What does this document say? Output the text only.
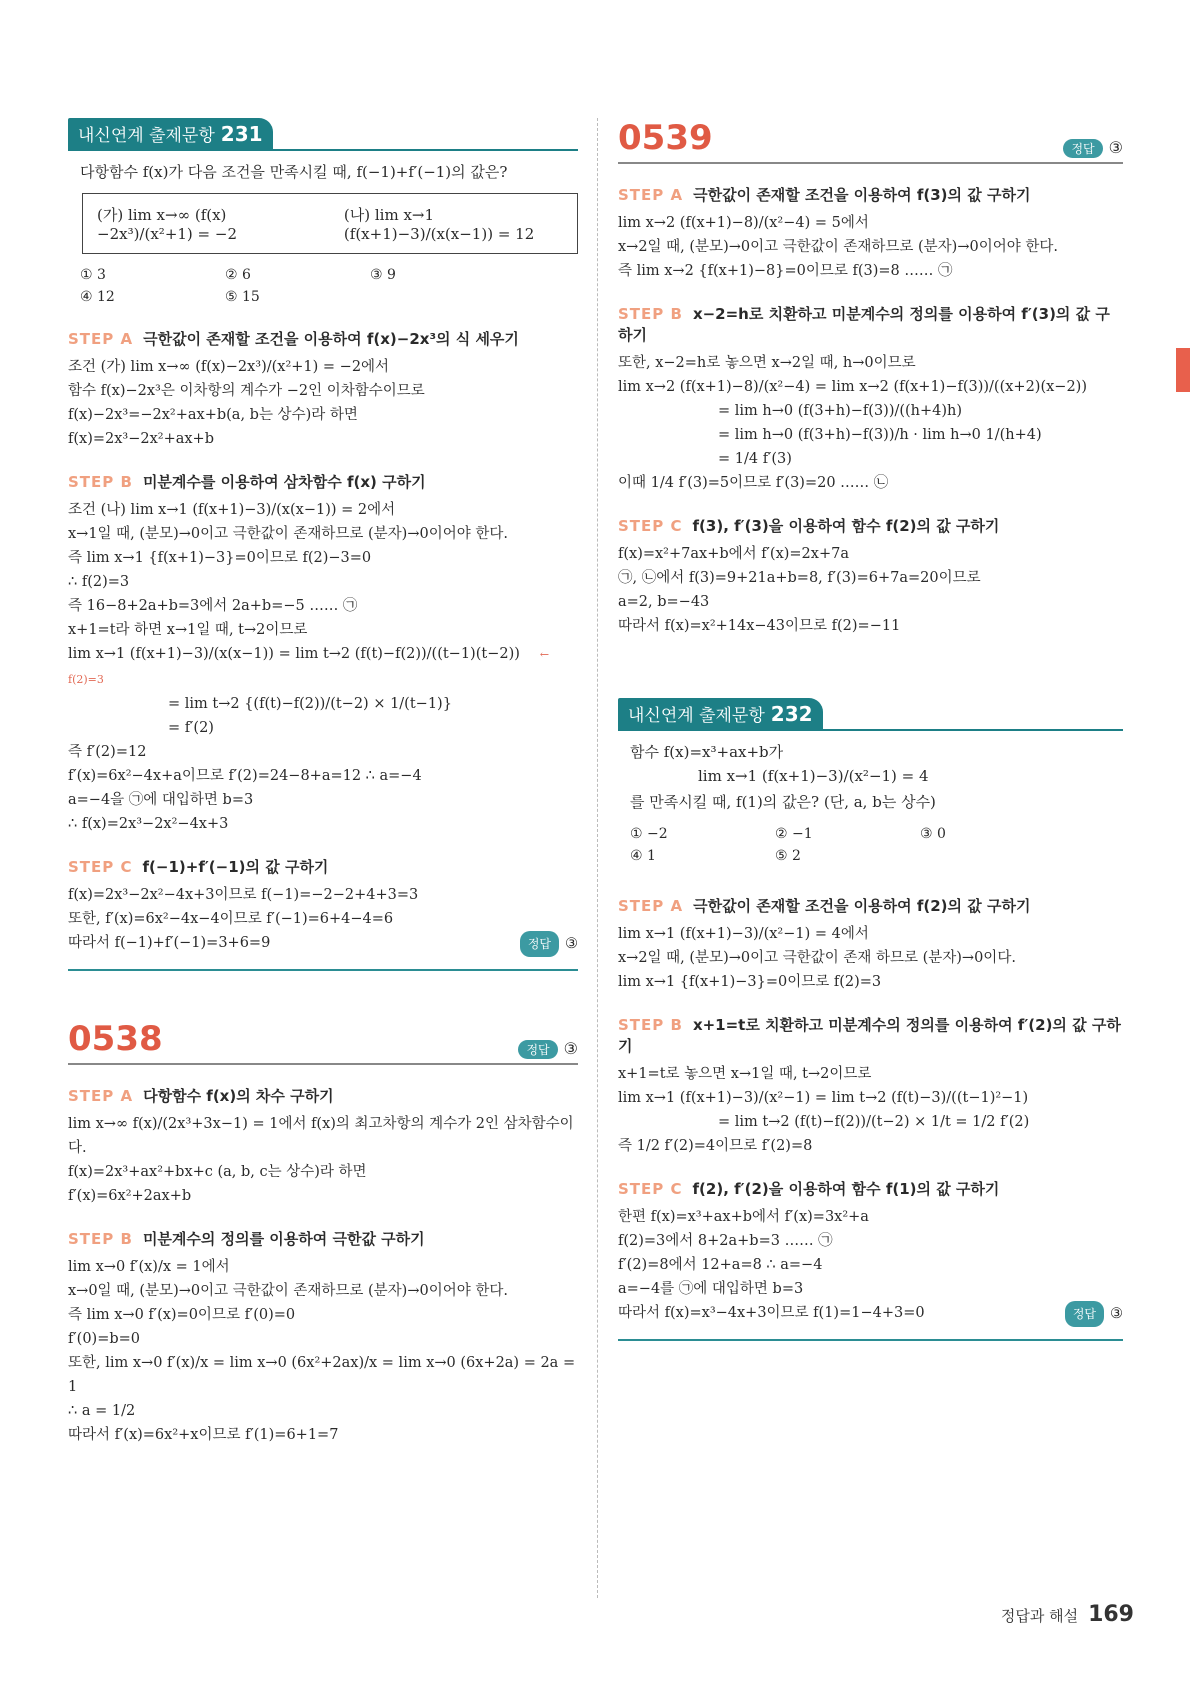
내신연계 출제문항 231
다항함수 f(x)가 다음 조건을 만족시킬 때, f(−1)+f′(−1)의 값은?
(가) lim x→∞ (f(x)−2x³)/(x²+1) = −2
(나) lim x→1 (f(x+1)−3)/(x(x−1)) = 12
① 3	② 6	③ 9
④ 12	⑤ 15
STEP A 극한값이 존재할 조건을 이용하여 f(x)−2x³의 식 세우기
조건 (가) lim x→∞ (f(x)−2x³)/(x²+1) = −2에서
함수 f(x)−2x³은 이차항의 계수가 −2인 이차함수이므로
f(x)−2x³=−2x²+ax+b(a, b는 상수)라 하면
f(x)=2x³−2x²+ax+b
STEP B 미분계수를 이용하여 삼차함수 f(x) 구하기
조건 (나) lim x→1 (f(x+1)−3)/(x(x−1)) = 2에서
x→1일 때, (분모)→0이고 극한값이 존재하므로 (분자)→0이어야 한다.
즉 lim x→1 {f(x+1)−3}=0이므로 f(2)−3=0
∴ f(2)=3
즉 16−8+2a+b=3에서 2a+b=−5 …… ㉠
x+1=t라 하면 x→1일 때, t→2이므로
lim x→1 (f(x+1)−3)/(x(x−1)) = lim t→2 (f(t)−f(2))/((t−1)(t−2)) ← f(2)=3
= lim t→2 {(f(t)−f(2))/(t−2) × 1/(t−1)}
= f′(2)
즉 f′(2)=12
f′(x)=6x²−4x+a이므로 f′(2)=24−8+a=12 ∴ a=−4
a=−4을 ㉠에 대입하면 b=3
∴ f(x)=2x³−2x²−4x+3
STEP C f(−1)+f′(−1)의 값 구하기
f(x)=2x³−2x²−4x+3이므로 f(−1)=−2−2+4+3=3
또한, f′(x)=6x²−4x−4이므로 f′(−1)=6+4−4=6
따라서 f(−1)+f′(−1)=3+6=9	정답 ③
0538	정답 ③
STEP A 다항함수 f(x)의 차수 구하기
lim x→∞ f(x)/(2x³+3x−1) = 1에서 f(x)의 최고차항의 계수가 2인 삼차함수이다.
f(x)=2x³+ax²+bx+c (a, b, c는 상수)라 하면
f′(x)=6x²+2ax+b
STEP B 미분계수의 정의를 이용하여 극한값 구하기
lim x→0 f′(x)/x = 1에서
x→0일 때, (분모)→0이고 극한값이 존재하므로 (분자)→0이어야 한다.
즉 lim x→0 f′(x)=0이므로 f′(0)=0
f′(0)=b=0
또한, lim x→0 f′(x)/x = lim x→0 (6x²+2ax)/x = lim x→0 (6x+2a) = 2a = 1
∴ a = 1/2
따라서 f′(x)=6x²+x이므로 f′(1)=6+1=7
0539	정답 ③
STEP A 극한값이 존재할 조건을 이용하여 f(3)의 값 구하기
lim x→2 (f(x+1)−8)/(x²−4) = 5에서
x→2일 때, (분모)→0이고 극한값이 존재하므로 (분자)→0이어야 한다.
즉 lim x→2 {f(x+1)−8}=0이므로 f(3)=8 …… ㉠
STEP B x−2=h로 치환하고 미분계수의 정의를 이용하여 f′(3)의 값 구하기
또한, x−2=h로 놓으면 x→2일 때, h→0이므로
lim x→2 (f(x+1)−8)/(x²−4) = lim x→2 (f(x+1)−f(3))/((x+2)(x−2))
= lim h→0 (f(3+h)−f(3))/((h+4)h)
= lim h→0 (f(3+h)−f(3))/h · lim h→0 1/(h+4)
= 1/4 f′(3)
이때 1/4 f′(3)=5이므로 f′(3)=20 …… ㉡
STEP C f(3), f′(3)을 이용하여 함수 f(2)의 값 구하기
f(x)=x²+7ax+b에서 f′(x)=2x+7a
㉠, ㉡에서 f(3)=9+21a+b=8, f′(3)=6+7a=20이므로
a=2, b=−43
따라서 f(x)=x²+14x−43이므로 f(2)=−11
내신연계 출제문항 232
함수 f(x)=x³+ax+b가
lim x→1 (f(x+1)−3)/(x²−1) = 4
를 만족시킬 때, f(1)의 값은? (단, a, b는 상수)
① −2	② −1	③ 0
④ 1	⑤ 2
STEP A 극한값이 존재할 조건을 이용하여 f(2)의 값 구하기
lim x→1 (f(x+1)−3)/(x²−1) = 4에서
x→2일 때, (분모)→0이고 극한값이 존재 하므로 (분자)→0이다.
lim x→1 {f(x+1)−3}=0이므로 f(2)=3
STEP B x+1=t로 치환하고 미분계수의 정의를 이용하여 f′(2)의 값 구하기
x+1=t로 놓으면 x→1일 때, t→2이므로
lim x→1 (f(x+1)−3)/(x²−1) = lim t→2 (f(t)−3)/((t−1)²−1)
= lim t→2 (f(t)−f(2))/(t−2) × 1/t = 1/2 f′(2)
즉 1/2 f′(2)=4이므로 f′(2)=8
STEP C f(2), f′(2)을 이용하여 함수 f(1)의 값 구하기
한편 f(x)=x³+ax+b에서 f′(x)=3x²+a
f(2)=3에서 8+2a+b=3 …… ㉠
f′(2)=8에서 12+a=8 ∴ a=−4
a=−4를 ㉠에 대입하면 b=3
따라서 f(x)=x³−4x+3이므로 f(1)=1−4+3=0	정답 ③
정답과 해설 169
